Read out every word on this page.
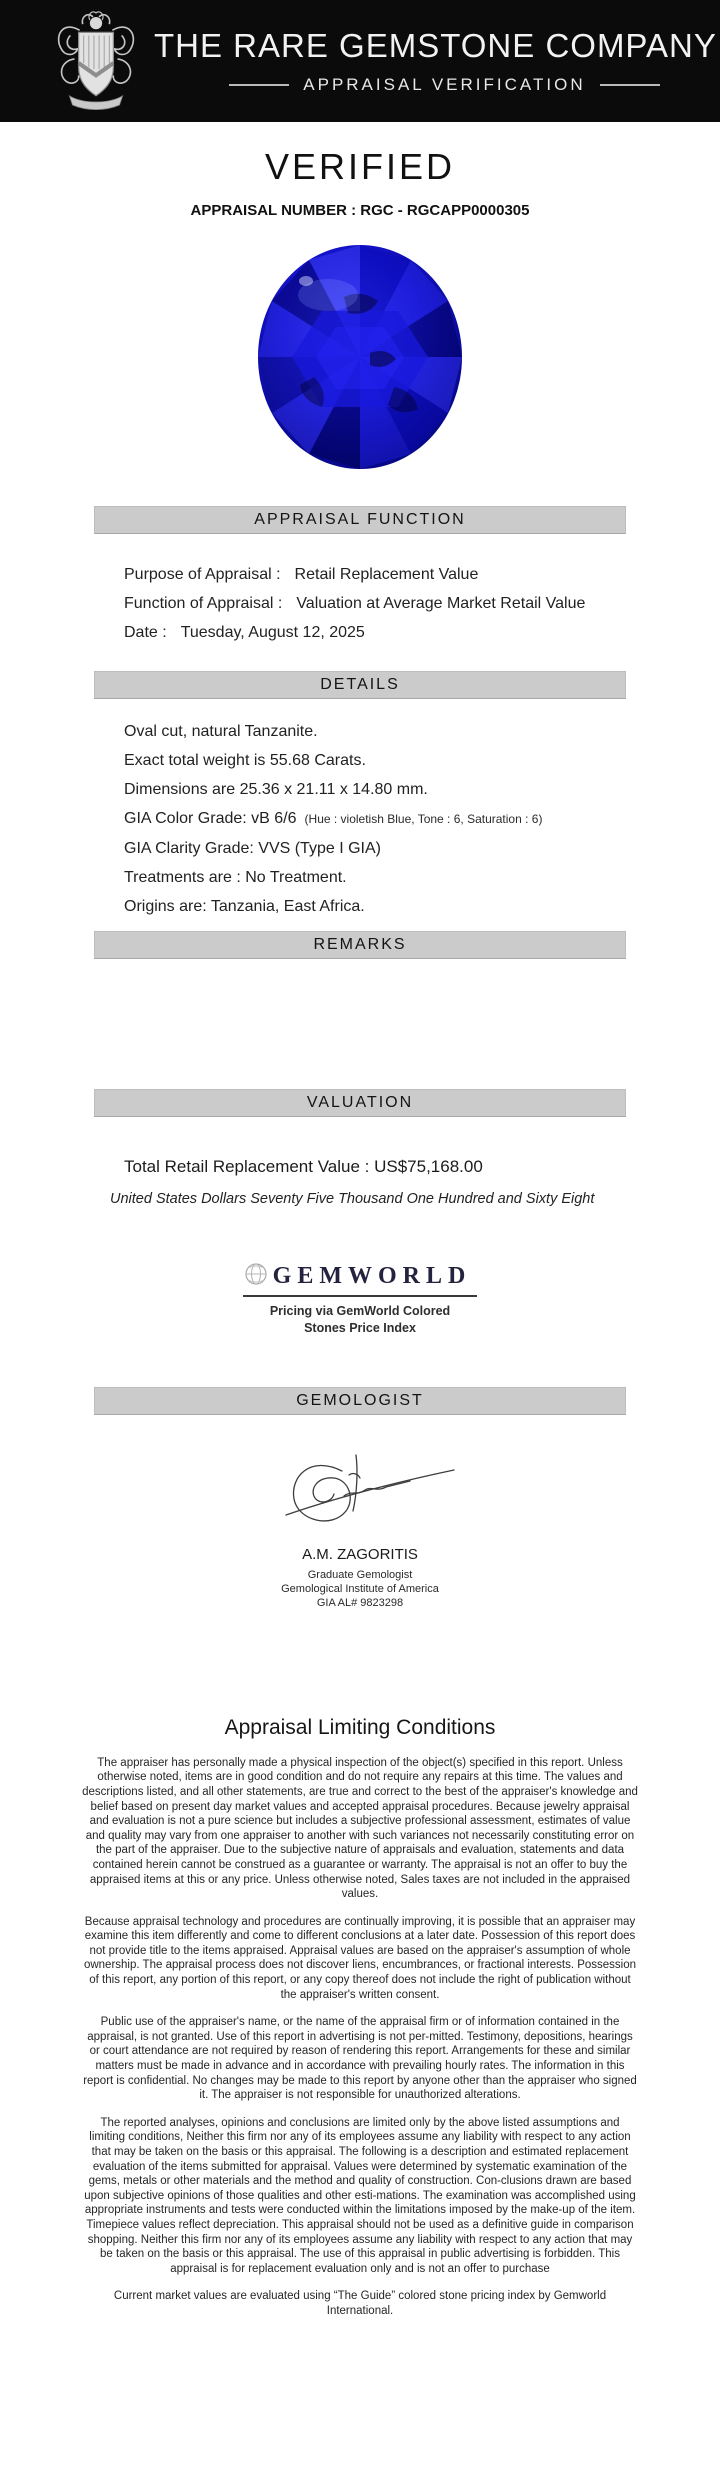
THE RARE GEMSTONE COMPANY
APPRAISAL VERIFICATION
VERIFIED
APPRAISAL NUMBER : RGC - RGCAPP0000305
APPRAISAL FUNCTION
Purpose of Appraisal : Retail Replacement Value
Function of Appraisal : Valuation at Average Market Retail Value
Date : Tuesday, August 12, 2025
DETAILS
Oval cut, natural Tanzanite.
Exact total weight is 55.68 Carats.
Dimensions are 25.36 x 21.11 x 14.80 mm.
GIA Color Grade: vB 6/6 (Hue : violetish Blue, Tone : 6, Saturation : 6)
GIA Clarity Grade: VVS (Type I GIA)
Treatments are : No Treatment.
Origins are: Tanzania, East Africa.
REMARKS
VALUATION
Total Retail Replacement Value : US$75,168.00
United States Dollars Seventy Five Thousand One Hundred and Sixty Eight
GEMWORLD
Pricing via GemWorld Colored
Stones Price Index
GEMOLOGIST
A.M. ZAGORITIS
Graduate Gemologist
Gemological Institute of America
GIA AL# 9823298
Appraisal Limiting Conditions

The appraiser has personally made a physical inspection of the object(s) specified in this report. Unless otherwise noted, items are in good condition and do not require any repairs at this time. The values and descriptions listed, and all other statements, are true and correct to the best of the appraiser's knowledge and belief based on present day market values and accepted appraisal procedures. Because jewelry appraisal and evaluation is not a pure science but includes a subjective professional assessment, estimates of value and quality may vary from one appraiser to another with such variances not necessarily constituting error on the part of the appraiser. Due to the subjective nature of appraisals and evaluation, statements and data contained herein cannot be construed as a guarantee or warranty. The appraisal is not an offer to buy the appraised items at this or any price. Unless otherwise noted, Sales taxes are not included in the appraised values.

Because appraisal technology and procedures are continually improving, it is possible that an appraiser may examine this item differently and come to different conclusions at a later date. Possession of this report does not provide title to the items appraised. Appraisal values are based on the appraiser's assumption of whole ownership. The appraisal process does not discover liens, encumbrances, or fractional interests. Possession of this report, any portion of this report, or any copy thereof does not include the right of publication without the appraiser's written consent.

Public use of the appraiser's name, or the name of the appraisal firm or of information contained in the appraisal, is not granted. Use of this report in advertising is not per-mitted. Testimony, depositions, hearings or court attendance are not required by reason of rendering this report. Arrangements for these and similar matters must be made in advance and in accordance with prevailing hourly rates. The information in this report is confidential. No changes may be made to this report by anyone other than the appraiser who signed it. The appraiser is not responsible for unauthorized alterations.

The reported analyses, opinions and conclusions are limited only by the above listed assumptions and limiting conditions, Neither this firm nor any of its employees assume any liability with respect to any action that may be taken on the basis or this appraisal. The following is a description and estimated replacement evaluation of the items submitted for appraisal. Values were determined by systematic examination of the gems, metals or other materials and the method and quality of construction. Con-clusions drawn are based upon subjective opinions of those qualities and other esti-mations. The examination was accomplished using appropriate instruments and tests were conducted within the limitations imposed by the make-up of the item. Timepiece values reflect depreciation. This appraisal should not be used as a definitive guide in comparison shopping. Neither this firm nor any of its employees assume any liability with respect to any action that may be taken on the basis or this appraisal. The use of this appraisal in public advertising is forbidden. This appraisal is for replacement evaluation only and is not an offer to purchase

Current market values are evaluated using “The Guide” colored stone pricing index by Gemworld International.
